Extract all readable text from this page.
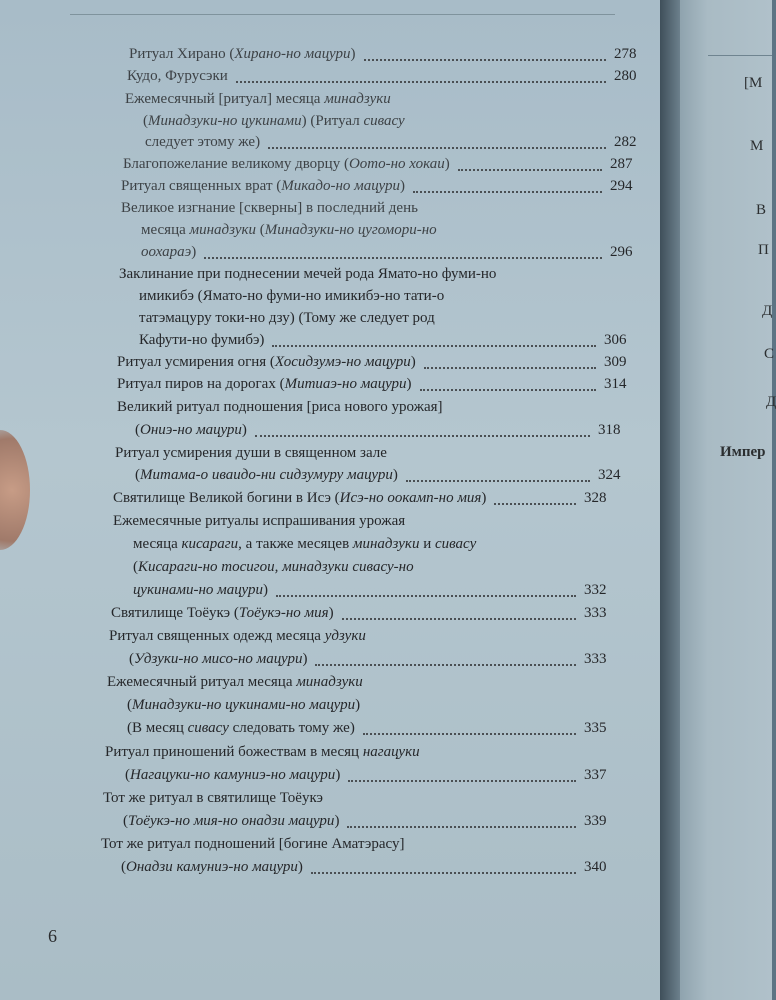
Ритуал Хирано (Хирано-но мацури)	278
Кудо, Фурусэки	280
Ежемесячный [ритуал] месяца минадзуки
(Минадзуки-но цукинами) (Ритуал сивасу
следует этому же)	282
Благопожелание великому дворцу (Оото-но хокаи)	287
Ритуал священных врат (Микадо-но мацури)	294
Великое изгнание [скверны] в последний день
месяца минадзуки (Минадзуки-но цугомори-но
оохараэ)	296
Заклинание при поднесении мечей рода Ямато-но фуми-но
имикибэ (Ямато-но фуми-но имикибэ-но тати-о
татэмацуру токи-но дзу) (Тому же следует род
Кафути-но фумибэ)	306
Ритуал усмирения огня (Хосидзумэ-но мацури)	309
Ритуал пиров на дорогах (Митиаэ-но мацури)	314
Великий ритуал подношения [риса нового урожая]
(Ониэ-но мацури)	318
Ритуал усмирения души в священном зале
(Митама-о иваидо-ни сидзумуру мацури)	324
Святилище Великой богини в Исэ (Исэ-но оокамп-но мия)	328
Ежемесячные ритуалы испрашивания урожая
месяца кисараги, а также месяцев минадзуки и сивасу
(Кисараги-но тосигои, минадзуки сивасу-но
цукинами-но мацури)	332
Святилище Тоёукэ (Тоёукэ-но мия)	333
Ритуал священных одежд месяца удзуки
(Удзуки-но мисо-но мацури)	333
Ежемесячный ритуал месяца минадзуки
(Минадзуки-но цукинами-но мацури)
(В месяц сивасу следовать тому же)	335
Ритуал приношений божествам в месяц нагацуки
(Нагацуки-но камуниэ-но мацури)	337
Тот же ритуал в святилище Тоёукэ
(Тоёукэ-но мия-но онадзи мацури)	339
Тот же ритуал подношений [богине Аматэрасу]
(Онадзи камуниэ-но мацури)	340
6
[М
М
В
П
Д
С
Д
Импер
